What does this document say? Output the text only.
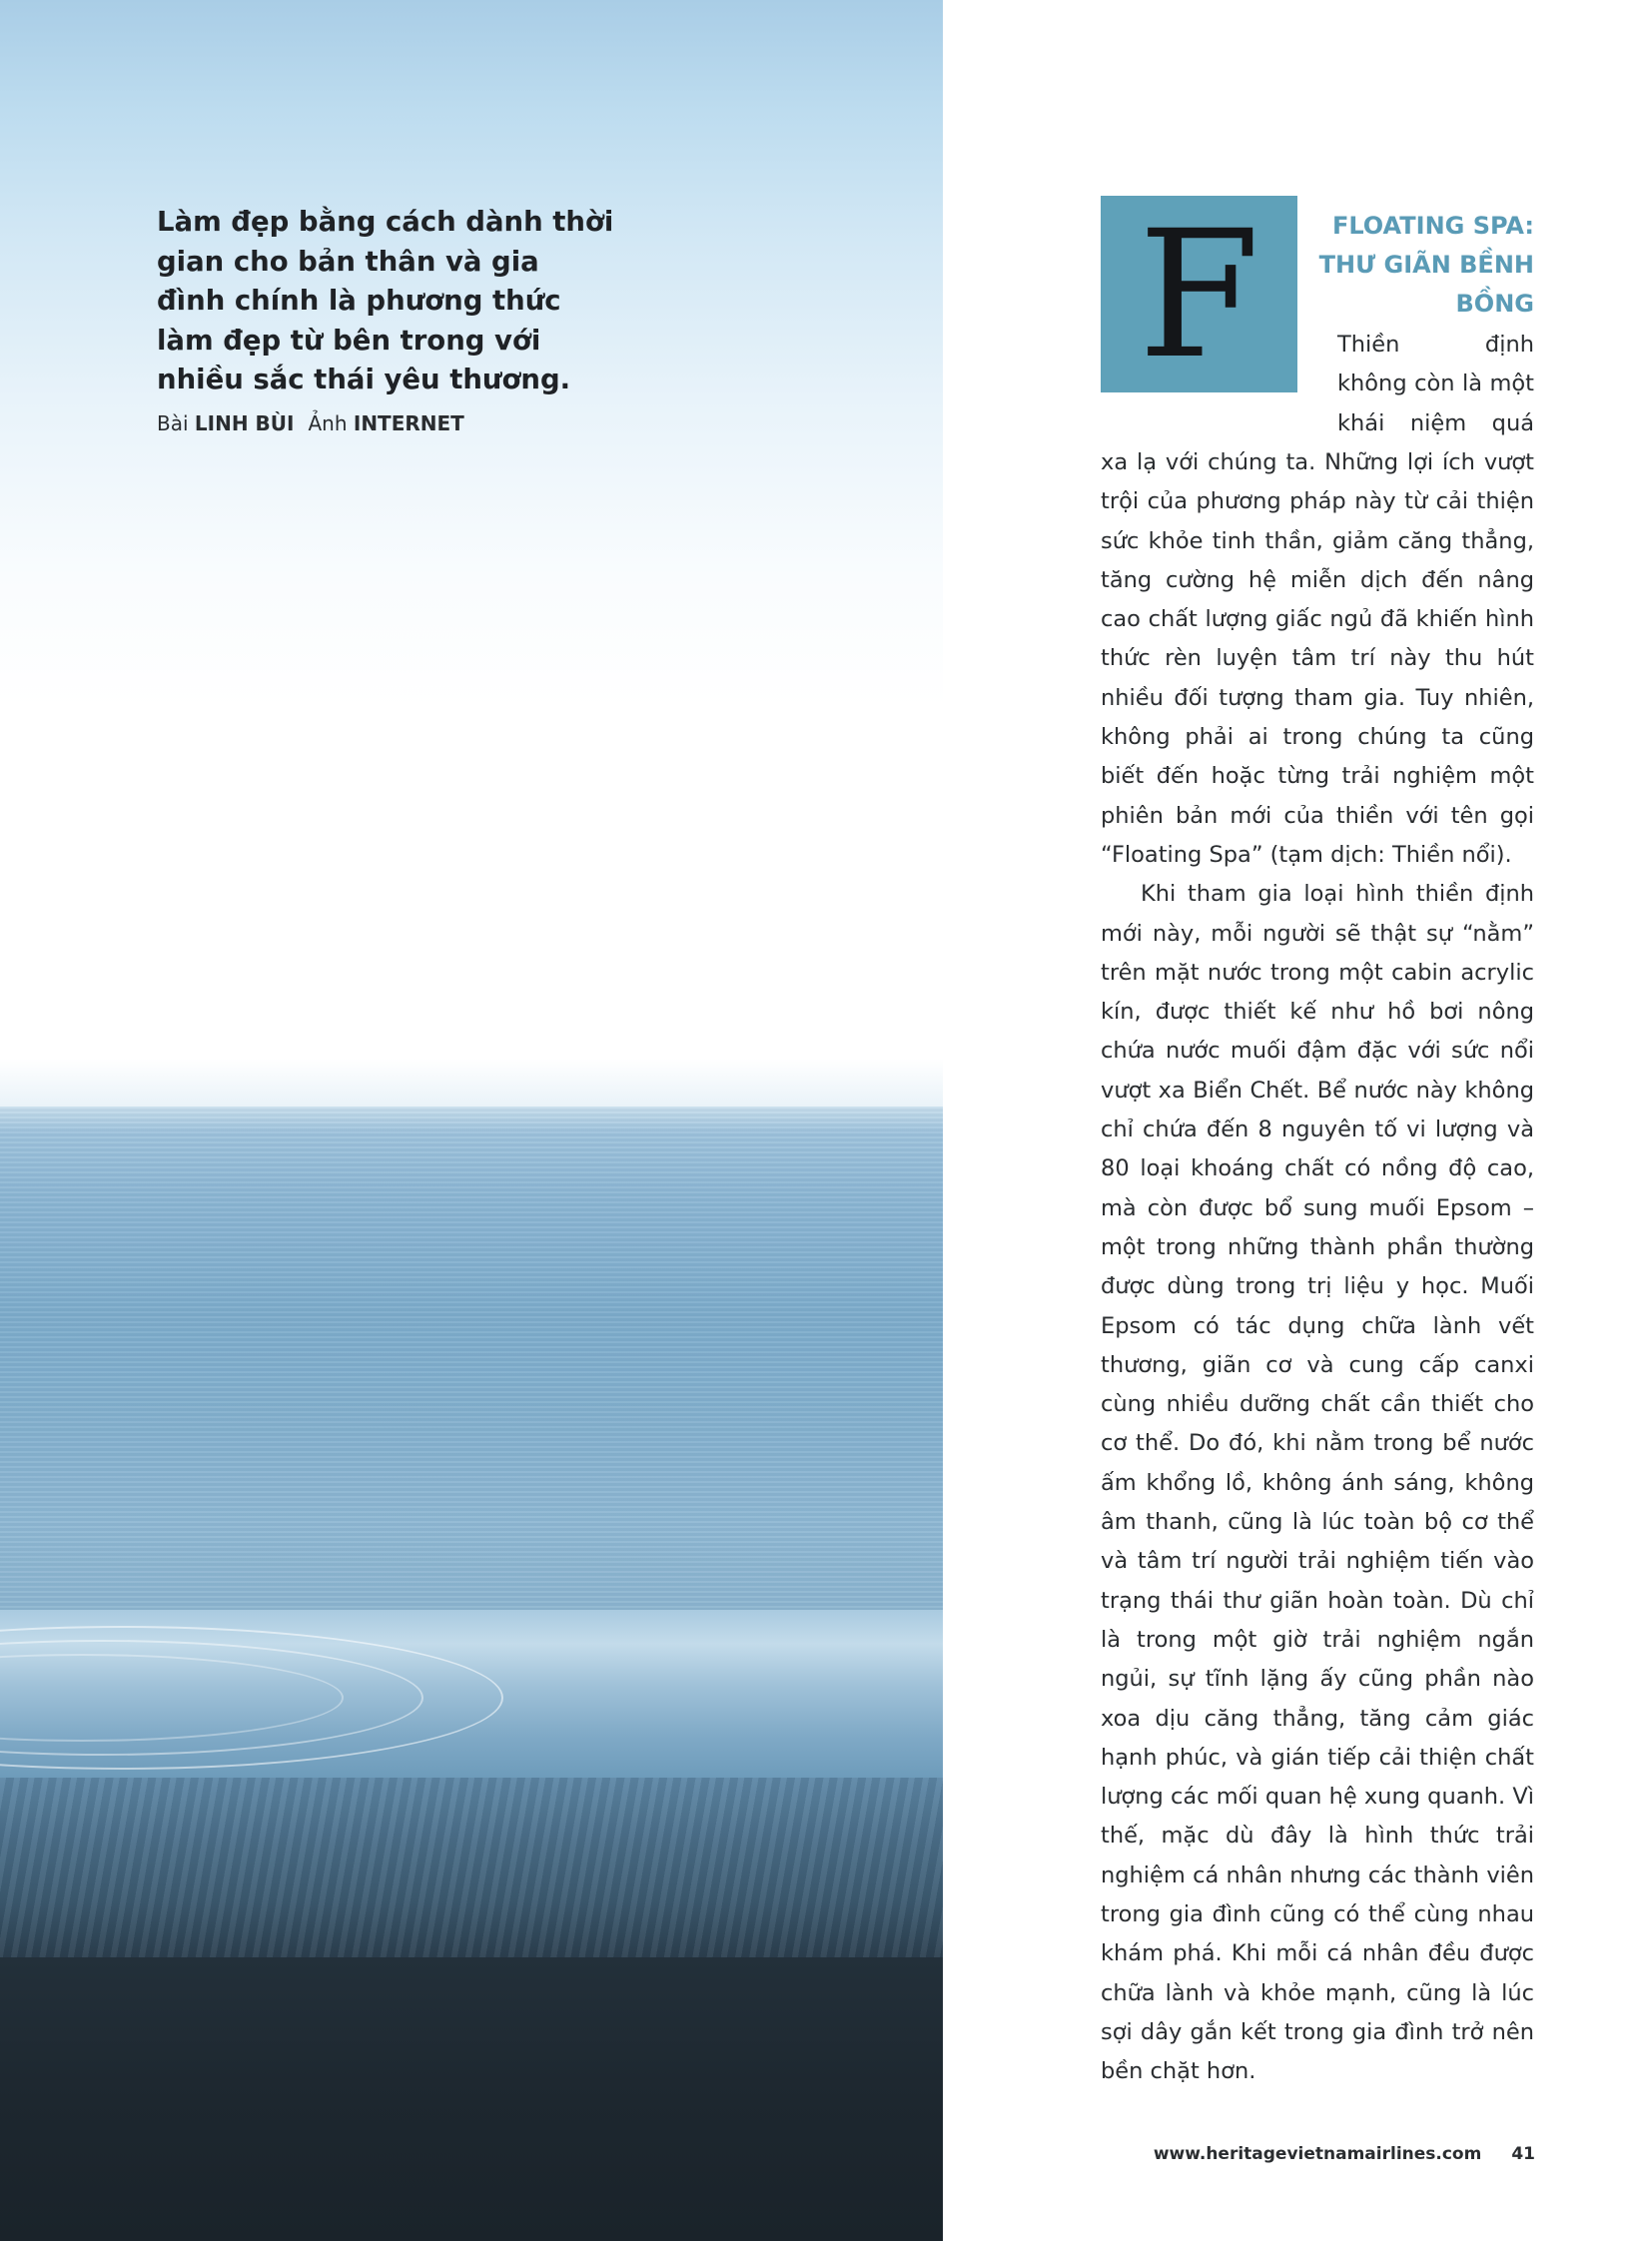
Làm đẹp bằng cách dành thời gian cho bản thân và gia đình chính là phương thức làm đẹp từ bên trong với nhiều sắc thái yêu thương.

Bài LINH BÙI Ảnh INTERNET
F	FLOATING SPA: THƯ GIÃN BỀNH BỒNG
Thiền định
không còn là một
khái niệm quá

xa lạ với chúng ta. Những lợi ích vượt trội của phương pháp này từ cải thiện sức khỏe tinh thần, giảm căng thẳng, tăng cường hệ miễn dịch đến nâng cao chất lượng giấc ngủ đã khiến hình thức rèn luyện tâm trí này thu hút nhiều đối tượng tham gia. Tuy nhiên, không phải ai trong chúng ta cũng biết đến hoặc từng trải nghiệm một phiên bản mới của thiền với tên gọi “Floating Spa” (tạm dịch: Thiền nổi).

Khi tham gia loại hình thiền định mới này, mỗi người sẽ thật sự “nằm” trên mặt nước trong một cabin acrylic kín, được thiết kế như hồ bơi nông chứa nước muối đậm đặc với sức nổi vượt xa Biển Chết. Bể nước này không chỉ chứa đến 8 nguyên tố vi lượng và 80 loại khoáng chất có nồng độ cao, mà còn được bổ sung muối Epsom – một trong những thành phần thường được dùng trong trị liệu y học. Muối Epsom có tác dụng chữa lành vết thương, giãn cơ và cung cấp canxi cùng nhiều dưỡng chất cần thiết cho cơ thể. Do đó, khi nằm trong bể nước ấm khổng lồ, không ánh sáng, không âm thanh, cũng là lúc toàn bộ cơ thể và tâm trí người trải nghiệm tiến vào trạng thái thư giãn hoàn toàn. Dù chỉ là trong một giờ trải nghiệm ngắn ngủi, sự tĩnh lặng ấy cũng phần nào xoa dịu căng thẳng, tăng cảm giác hạnh phúc, và gián tiếp cải thiện chất lượng các mối quan hệ xung quanh. Vì thế, mặc dù đây là hình thức trải nghiệm cá nhân nhưng các thành viên trong gia đình cũng có thể cùng nhau khám phá. Khi mỗi cá nhân đều được chữa lành và khỏe mạnh, cũng là lúc sợi dây gắn kết trong gia đình trở nên bền chặt hơn.

www.heritagevietnamairlines.com 41
